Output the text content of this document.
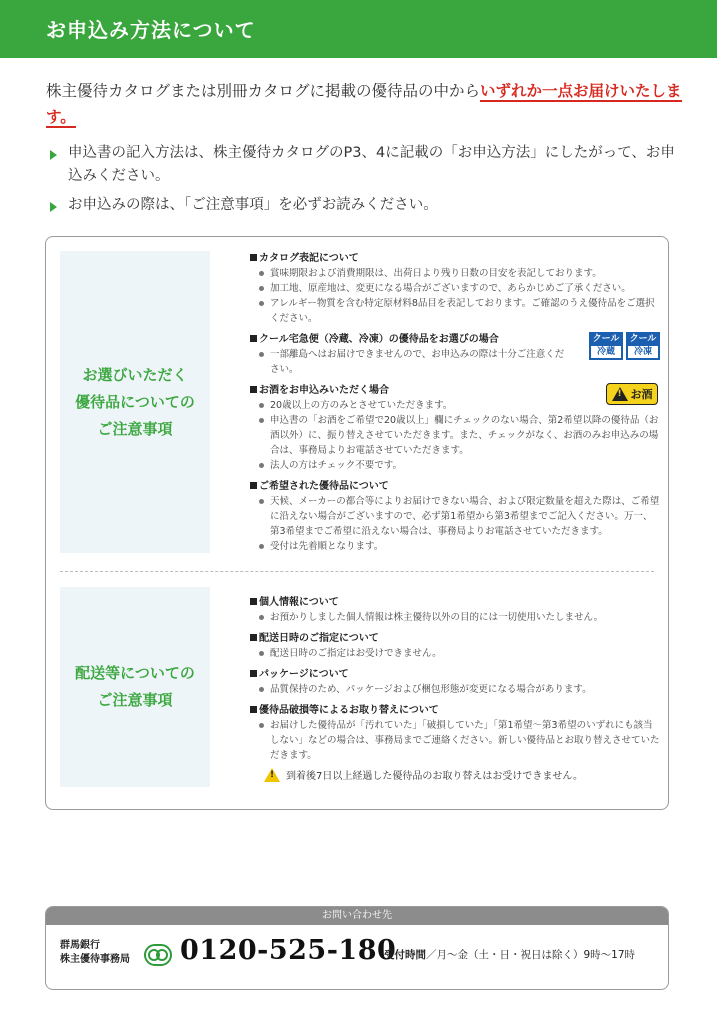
お申込み方法について
株主優待カタログまたは別冊カタログに掲載の優待品の中からいずれか一点お届けいたします。
申込書の記入方法は、株主優待カタログのP3、4に記載の「お申込方法」にしたがって、お申込みください。
お申込みの際は、「ご注意事項」を必ずお読みください。
お選びいただく
優待品についての
ご注意事項
カタログ表記について
賞味期限および消費期限は、出荷日より残り日数の目安を表記しております。
加工地、原産地は、変更になる場合がございますので、あらかじめご了承ください。
アレルギー物質を含む特定原材料8品目を表記しております。ご確認のうえ優待品をご選択ください。
クール宅急便（冷蔵、冷凍）の優待品をお選びの場合
一部離島へはお届けできませんので、お申込みの際は十分ご注意ください。
クール
冷蔵
クール
冷凍
お酒をお申込みいただく場合
20歳以上の方のみとさせていただきます。
申込書の「お酒をご希望で20歳以上」欄にチェックのない場合、第2希望以降の優待品（お酒以外）に、振り替えさせていただきます。また、チェックがなく、お酒のみお申込みの場合は、事務局よりお電話させていただきます。
法人の方はチェック不要です。
!
お酒
ご希望された優待品について
天候、メーカーの都合等によりお届けできない場合、および限定数量を超えた際は、ご希望に沿えない場合がございますので、必ず第1希望から第3希望までご記入ください。万一、第3希望までご希望に沿えない場合は、事務局よりお電話させていただきます。
受付は先着順となります。
配送等についての
ご注意事項
個人情報について
お預かりしました個人情報は株主優待以外の目的には一切使用いたしません。
配送日時のご指定について
配送日時のご指定はお受けできません。
パッケージについて
品質保持のため、パッケージおよび梱包形態が変更になる場合があります。
優待品破損等によるお取り替えについて
お届けした優待品が「汚れていた」「破損していた」「第1希望〜第3希望のいずれにも該当しない」などの場合は、事務局までご連絡ください。新しい優待品とお取り替えさせていただきます。
!
到着後7日以上経過した優待品のお取り替えはお受けできません。
お問い合わせ先
群馬銀行
株主優待事務局 0120-525-180
受付時間／月〜金（土・日・祝日は除く）9時〜17時
